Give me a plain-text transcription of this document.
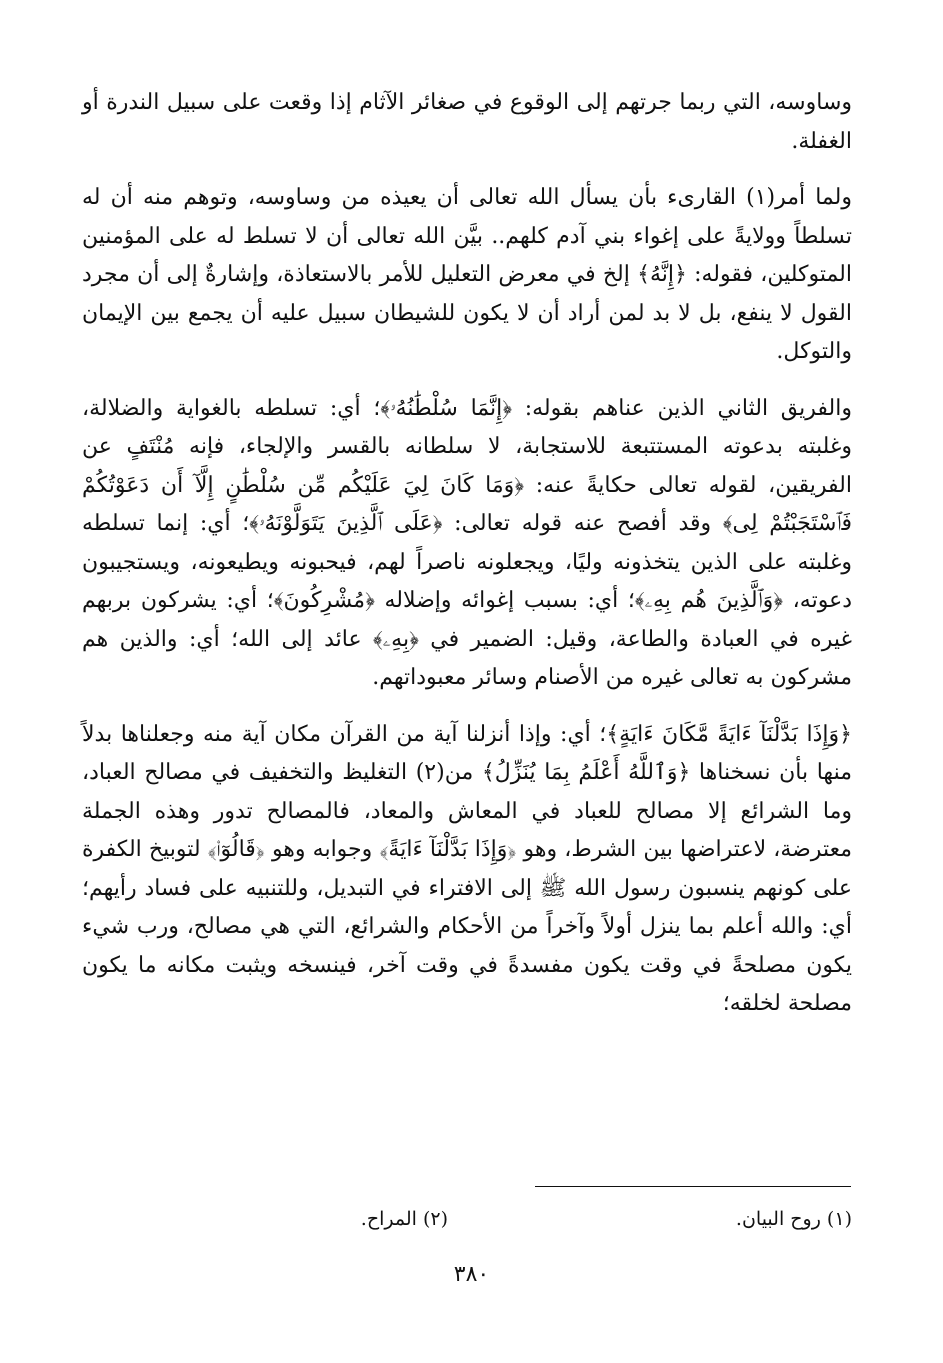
وساوسه، التي ربما جرتهم إلى الوقوع في صغائر الآثام إذا وقعت على سبيل الندرة أو الغفلة.

ولما أمر(١) القارىء بأن يسأل الله تعالى أن يعيذه من وساوسه، وتوهم منه أن له تسلطاً وولايةً على إغواء بني آدم كلهم.. بيَّن الله تعالى أن لا تسلط له على المؤمنين المتوكلين، فقوله: ﴿إِنَّهُ﴾ إلخ في معرض التعليل للأمر بالاستعاذة، وإشارةٌ إلى أن مجرد القول لا ينفع، بل لا بد لمن أراد أن لا يكون للشيطان سبيل عليه أن يجمع بين الإيمان والتوكل.

والفريق الثاني الذين عناهم بقوله: ﴿إِنَّمَا سُلْطَٰنُهُۥ﴾؛ أي: تسلطه بالغواية والضلالة، وغلبته بدعوته المستتبعة للاستجابة، لا سلطانه بالقسر والإلجاء، فإنه مُنْتَفٍ عن الفريقين، لقوله تعالى حكايةً عنه: ﴿وَمَا كَانَ لِيَ عَلَيْكُم مِّن سُلْطَٰنٍ إِلَّآ أَن دَعَوْتُكُمْ فَٱسْتَجَبْتُمْ لِى﴾ وقد أفصح عنه قوله تعالى: ﴿عَلَى ٱلَّذِينَ يَتَوَلَّوْنَهُۥ﴾؛ أي: إنما تسلطه وغلبته على الذين يتخذونه وليًا، ويجعلونه ناصراً لهم، فيحبونه ويطيعونه، ويستجيبون دعوته، ﴿وَٱلَّذِينَ هُم بِهِۦ﴾؛ أي: بسبب إغوائه وإضلاله ﴿مُشْرِكُونَ﴾؛ أي: يشركون بربهم غيره في العبادة والطاعة، وقيل: الضمير في ﴿بِهِۦ﴾ عائد إلى الله؛ أي: والذين هم مشركون به تعالى غيره من الأصنام وسائر معبوداتهم.

﴿وَإِذَا بَدَّلْنَآ ءَايَةً مَّكَانَ ءَايَةٍ﴾؛ أي: وإذا أنزلنا آية من القرآن مكان آية منه وجعلناها بدلاً منها بأن نسخناها ﴿وَٱللَّهُ أَعْلَمُ بِمَا يُنَزِّلُ﴾ من(٢) التغليظ والتخفيف في مصالح العباد، وما الشرائع إلا مصالح للعباد في المعاش والمعاد، فالمصالح تدور وهذه الجملة معترضة، لاعتراضها بين الشرط، وهو ﴿وَإِذَا بَدَّلْنَآ ءَايَةً﴾ وجوابه وهو ﴿قَالُوٓا۟﴾ لتوبيخ الكفرة على كونهم ينسبون رسول الله ﷺ إلى الافتراء في التبديل، وللتنبيه على فساد رأيهم؛ أي: والله أعلم بما ينزل أولاً وآخراً من الأحكام والشرائع، التي هي مصالح، ورب شيء يكون مصلحةً في وقت يكون مفسدةً في وقت آخر، فينسخه ويثبت مكانه ما يكون مصلحة لخلقه؛

(١) روح البيان.
(٢) المراح.
٣٨٠
